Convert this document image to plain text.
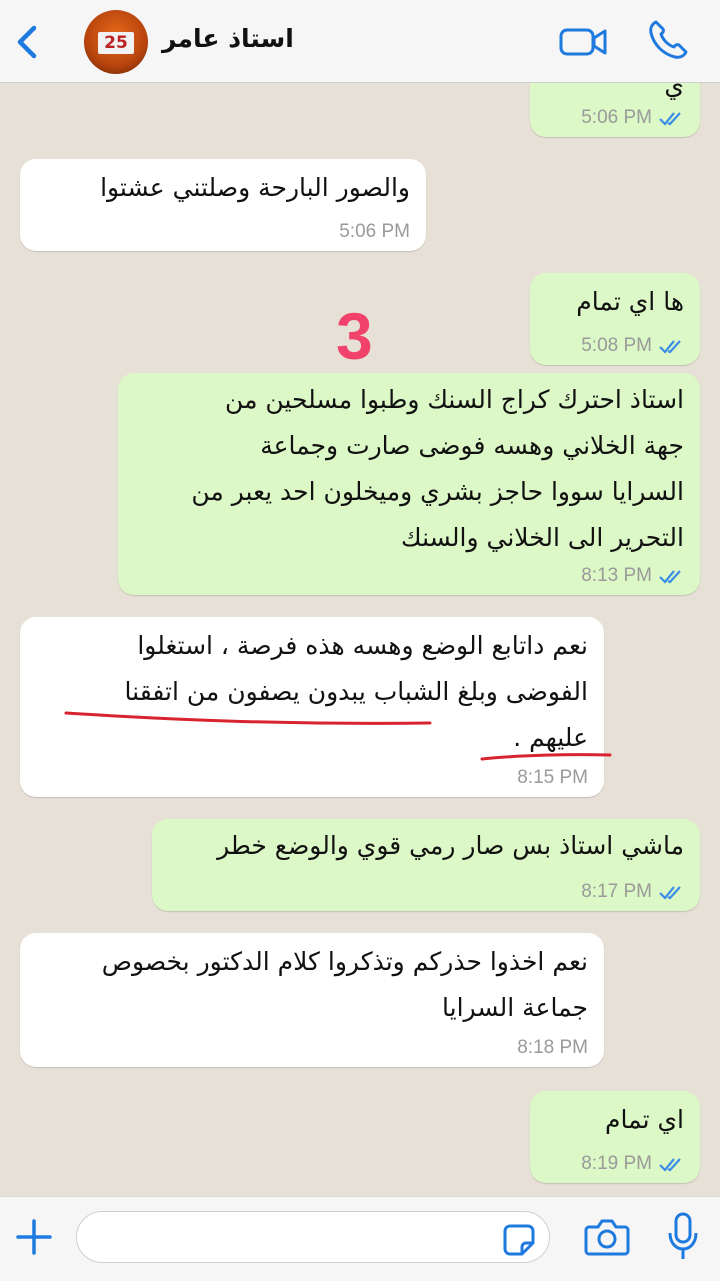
25 استاذ عامر
ي
5:06 PM
والصور البارحة وصلتني عشتوا
5:06 PM
ها اي تمام
5:08 PM
3
استاذ احترك كراج السنك وطبوا مسلحين من
جهة الخلاني وهسه فوضى صارت وجماعة
السرايا سووا حاجز بشري وميخلون احد يعبر من
التحرير الى الخلاني والسنك
8:13 PM
نعم داتابع الوضع وهسه هذه فرصة ، استغلوا
الفوضى وبلغ الشباب يبدون يصفون من اتفقنا
عليهم .
8:15 PM
ماشي استاذ بس صار رمي قوي والوضع خطر
8:17 PM
نعم اخذوا حذركم وتذكروا كلام الدكتور بخصوص
جماعة السرايا
8:18 PM
اي تمام
8:19 PM
